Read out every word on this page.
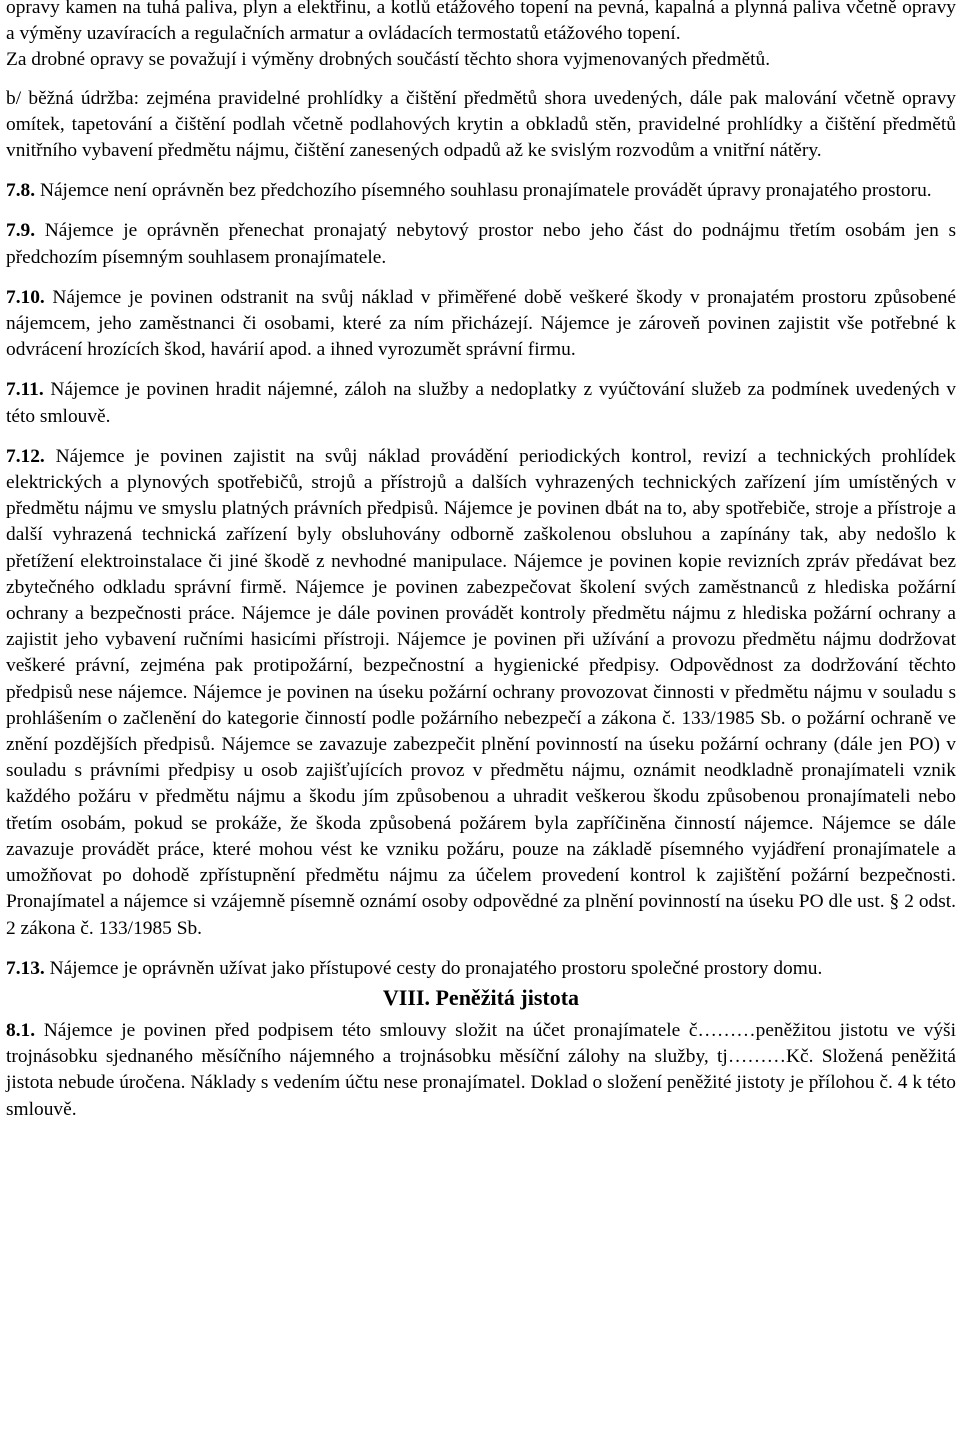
opravy kamen na tuhá paliva, plyn a elektřinu, a kotlů etážového topení na pevná, kapalná a plynná paliva včetně opravy a výměny uzavíracích a regulačních armatur a ovládacích termostatů etážového topení.

Za drobné opravy se považují i výměny drobných součástí těchto shora vyjmenovaných předmětů.

b/ běžná údržba: zejména pravidelné prohlídky a čištění předmětů shora uvedených, dále pak malování včetně opravy omítek, tapetování a čištění podlah včetně podlahových krytin a obkladů stěn, pravidelné prohlídky a čištění předmětů vnitřního vybavení předmětu nájmu, čištění zanesených odpadů až ke svislým rozvodům a vnitřní nátěry.

7.8. Nájemce není oprávněn bez předchozího písemného souhlasu pronajímatele provádět úpravy pronajatého prostoru.

7.9. Nájemce je oprávněn přenechat pronajatý nebytový prostor nebo jeho část do podnájmu třetím osobám jen s předchozím písemným souhlasem pronajímatele.

7.10. Nájemce je povinen odstranit na svůj náklad v přiměřené době veškeré škody v pronajatém prostoru způsobené nájemcem, jeho zaměstnanci či osobami, které za ním přicházejí. Nájemce je zároveň povinen zajistit vše potřebné k odvrácení hrozících škod, havárií apod. a ihned vyrozumět správní firmu.

7.11. Nájemce je povinen hradit nájemné, záloh na služby a nedoplatky z vyúčtování služeb za podmínek uvedených v této smlouvě.

7.12. Nájemce je povinen zajistit na svůj náklad provádění periodických kontrol, revizí a technických prohlídek elektrických a plynových spotřebičů, strojů a přístrojů a dalších vyhrazených technických zařízení jím umístěných v předmětu nájmu ve smyslu platných právních předpisů. Nájemce je povinen dbát na to, aby spotřebiče, stroje a přístroje a další vyhrazená technická zařízení byly obsluhovány odborně zaškolenou obsluhou a zapínány tak, aby nedošlo k přetížení elektroinstalace či jiné škodě z nevhodné manipulace. Nájemce je povinen kopie revizních zpráv předávat bez zbytečného odkladu správní firmě. Nájemce je povinen zabezpečovat školení svých zaměstnanců z hlediska požární ochrany a bezpečnosti práce. Nájemce je dále povinen provádět kontroly předmětu nájmu z hlediska požární ochrany a zajistit jeho vybavení ručními hasicími přístroji. Nájemce je povinen při užívání a provozu předmětu nájmu dodržovat veškeré právní, zejména pak protipožární, bezpečnostní a hygienické předpisy. Odpovědnost za dodržování těchto předpisů nese nájemce. Nájemce je povinen na úseku požární ochrany provozovat činnosti v předmětu nájmu v souladu s prohlášením o začlenění do kategorie činností podle požárního nebezpečí a zákona č. 133/1985 Sb. o požární ochraně ve znění pozdějších předpisů. Nájemce se zavazuje zabezpečit plnění povinností na úseku požární ochrany (dále jen PO) v souladu s právními předpisy u osob zajišťujících provoz v předmětu nájmu, oznámit neodkladně pronajímateli vznik každého požáru v předmětu nájmu a škodu jím způsobenou a uhradit veškerou škodu způsobenou pronajímateli nebo třetím osobám, pokud se prokáže, že škoda způsobená požárem byla zapříčiněna činností nájemce. Nájemce se dále zavazuje provádět práce, které mohou vést ke vzniku požáru, pouze na základě písemného vyjádření pronajímatele a umožňovat po dohodě zpřístupnění předmětu nájmu za účelem provedení kontrol k zajištění požární bezpečnosti. Pronajímatel a nájemce si vzájemně písemně oznámí osoby odpovědné za plnění povinností na úseku PO dle ust. § 2 odst. 2 zákona č. 133/1985 Sb.

7.13. Nájemce je oprávněn užívat jako přístupové cesty do pronajatého prostoru společné prostory domu.

VIII. Peněžitá jistota

8.1. Nájemce je povinen před podpisem této smlouvy složit na účet pronajímatele č………peněžitou jistotu ve výši trojnásobku sjednaného měsíčního nájemného a trojnásobku měsíční zálohy na služby, tj………Kč. Složená peněžitá jistota nebude úročena. Náklady s vedením účtu nese pronajímatel. Doklad o složení peněžité jistoty je přílohou č. 4 k této smlouvě.
